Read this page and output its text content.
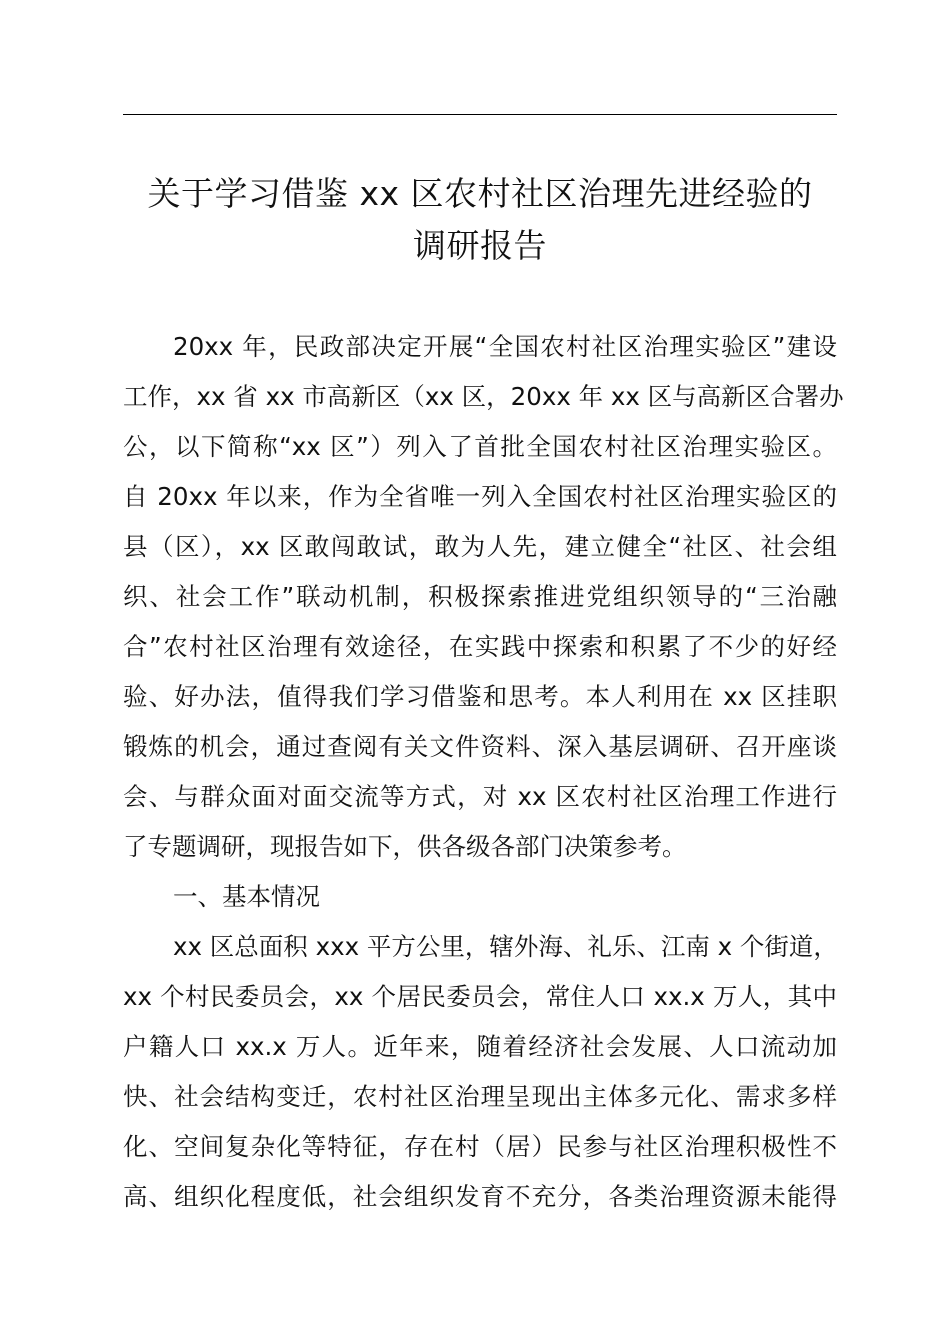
关于学习借鉴 xx 区农村社区治理先进经验的
调研报告
20xx 年，民政部决定开展“全国农村社区治理实验区”建设
工作，xx 省 xx 市高新区（xx 区，20xx 年 xx 区与高新区合署办
公，以下简称“xx 区”）列入了首批全国农村社区治理实验区。
自 20xx 年以来，作为全省唯一列入全国农村社区治理实验区的
县（区），xx 区敢闯敢试，敢为人先，建立健全“社区、社会组
织、社会工作”联动机制，积极探索推进党组织领导的“三治融
合”农村社区治理有效途径，在实践中探索和积累了不少的好经
验、好办法，值得我们学习借鉴和思考。本人利用在 xx 区挂职
锻炼的机会，通过查阅有关文件资料、深入基层调研、召开座谈
会、与群众面对面交流等方式，对 xx 区农村社区治理工作进行
了专题调研，现报告如下，供各级各部门决策参考。
一、基本情况
xx 区总面积 xxx 平方公里，辖外海、礼乐、江南 x 个街道，
xx 个村民委员会，xx 个居民委员会，常住人口 xx.x 万人，其中
户籍人口 xx.x 万人。近年来，随着经济社会发展、人口流动加
快、社会结构变迁，农村社区治理呈现出主体多元化、需求多样
化、空间复杂化等特征，存在村（居）民参与社区治理积极性不
高、组织化程度低，社会组织发育不充分，各类治理资源未能得
